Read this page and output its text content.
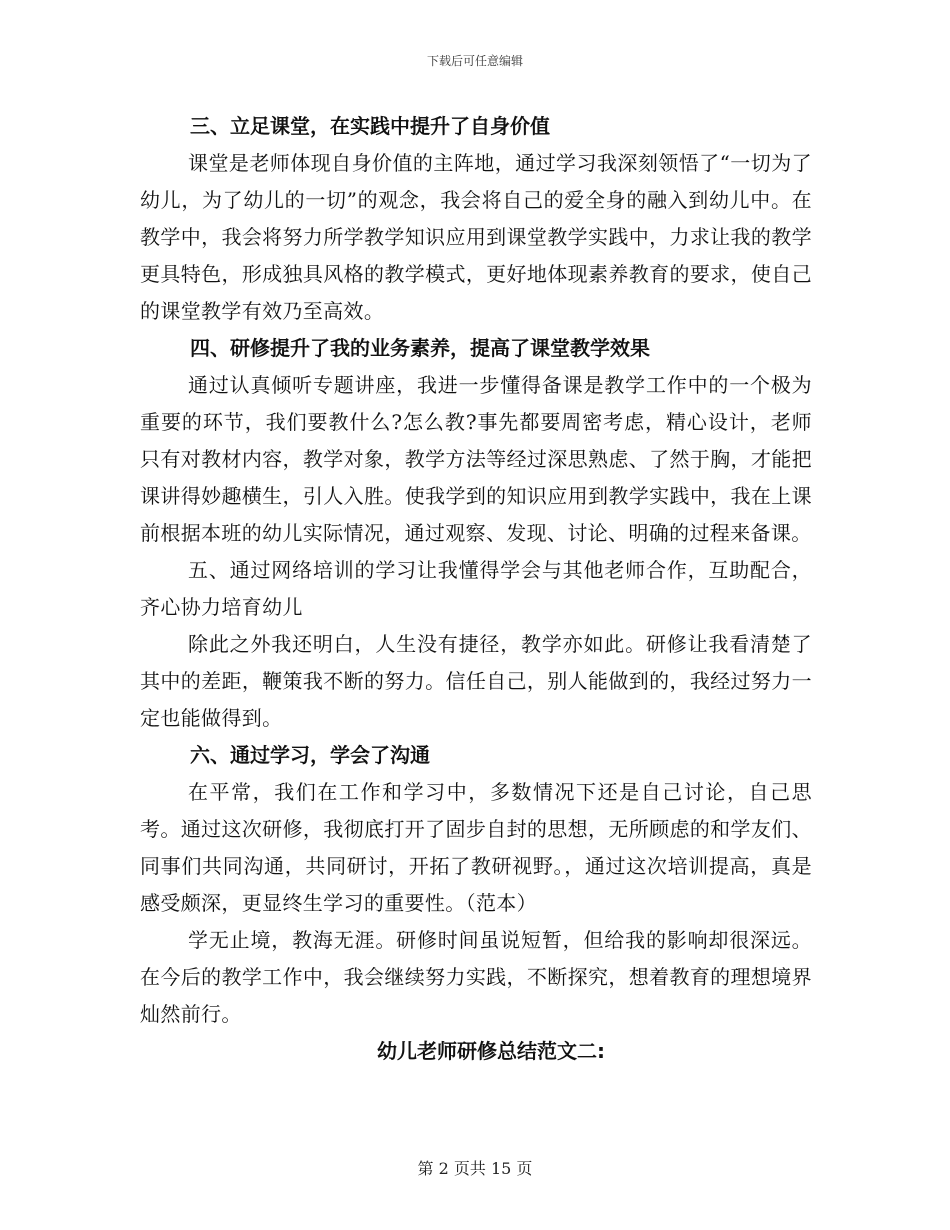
下载后可任意编辑

三、立足课堂，在实践中提升了自身价值

课堂是老师体现自身价值的主阵地，通过学习我深刻领悟了“一切为了幼儿，为了幼儿的一切”的观念，我会将自己的爱全身的融入到幼儿中。在教学中，我会将努力所学教学知识应用到课堂教学实践中，力求让我的教学更具特色，形成独具风格的教学模式，更好地体现素养教育的要求，使自己的课堂教学有效乃至高效。

四、研修提升了我的业务素养，提高了课堂教学效果

通过认真倾听专题讲座，我进一步懂得备课是教学工作中的一个极为重要的环节，我们要教什么?怎么教?事先都要周密考虑，精心设计，老师只有对教材内容，教学对象，教学方法等经过深思熟虑、了然于胸，才能把课讲得妙趣横生，引人入胜。使我学到的知识应用到教学实践中，我在上课前根据本班的幼儿实际情况，通过观察、发现、讨论、明确的过程来备课。

五、通过网络培训的学习让我懂得学会与其他老师合作，互助配合，齐心协力培育幼儿

除此之外我还明白，人生没有捷径，教学亦如此。研修让我看清楚了其中的差距，鞭策我不断的努力。信任自己，别人能做到的，我经过努力一定也能做得到。

六、通过学习，学会了沟通

在平常，我们在工作和学习中，多数情况下还是自己讨论，自己思考。通过这次研修，我彻底打开了固步自封的思想，无所顾虑的和学友们、同事们共同沟通，共同研讨，开拓了教研视野。，通过这次培训提高，真是感受颇深，更显终生学习的重要性。（范本）

学无止境，教海无涯。研修时间虽说短暂，但给我的影响却很深远。在今后的教学工作中，我会继续努力实践，不断探究，想着教育的理想境界灿然前行。

幼儿老师研修总结范文二:

第 2 页共 15 页
